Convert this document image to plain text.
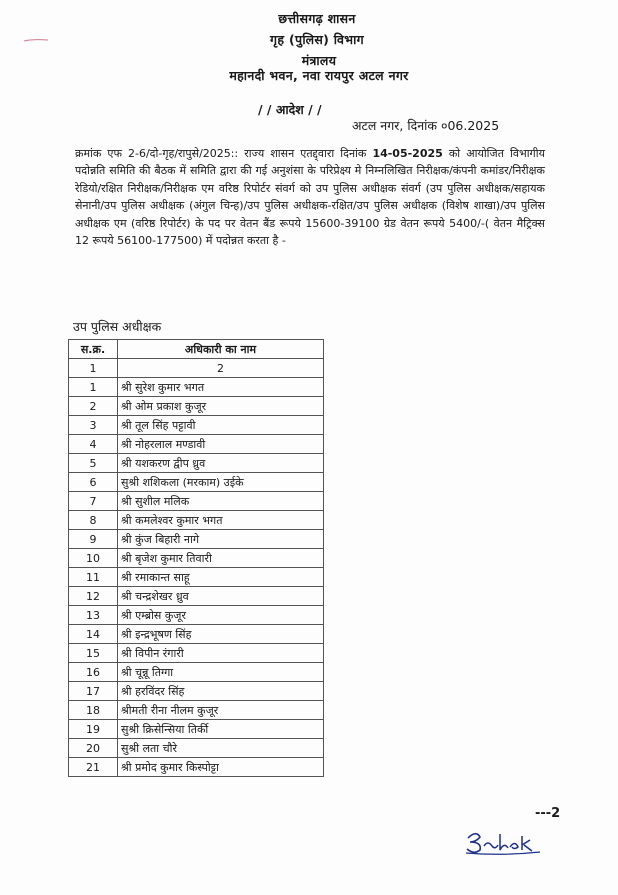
छत्तीसगढ़ शासन
गृह (पुलिस) विभाग
मंत्रालय
महानदी भवन, नवा रायपुर अटल नगर
/ / आदेश / /
अटल नगर, दिनांक ०06.2025
क्रमांक एफ 2-6/दो-गृह/रापुसे/2025:: राज्य शासन एतद्द्वारा दिनांक 14-05-2025 को आयोजित विभागीय पदोन्नति समिति की बैठक में समिति द्वारा की गई अनुशंसा के परिप्रेक्ष्य मे निम्नलिखित निरीक्षक/कंपनी कमांडर/निरीक्षक रेडियो/रक्षित निरीक्षक/निरीक्षक एम वरिष्ठ रिपोर्टर संवर्ग को उप पुलिस अधीक्षक संवर्ग (उप पुलिस अधीक्षक/सहायक सेनानी/उप पुलिस अधीक्षक (अंगुल चिन्ह)/उप पुलिस अधीक्षक-रक्षित/उप पुलिस अधीक्षक (विशेष शाखा)/उप पुलिस अधीक्षक एम (वरिष्ठ रिपोर्टर) के पद पर वेतन बैंड रूपये 15600-39100 ग्रेड वेतन रूपये 5400/-( वेतन मैट्रिक्स 12 रूपये 56100-177500) में पदोन्नत करता है -
उप पुलिस अधीक्षक
स.क्र.	अधिकारी का नाम
1	2
1	श्री सुरेश कुमार भगत
2	श्री ओम प्रकाश कुजूर
3	श्री तूल सिंह पट्टावी
4	श्री नोहरलाल मण्डावी
5	श्री यशकरण द्वीप ध्रुव
6	सुश्री शशिकला (मरकाम) उईके
7	श्री सुशील मलिक
8	श्री कमलेश्वर कुमार भगत
9	श्री कुंज बिहारी नागे
10	श्री बृजेश कुमार तिवारी
11	श्री रमाकान्त साहू
12	श्री चन्द्रशेखर ध्रुव
13	श्री एम्ब्रोस कुजूर
14	श्री इन्द्रभूषण सिंह
15	श्री विपीन रंगारी
16	श्री चून्नू तिग्गा
17	श्री हरविंदर सिंह
18	श्रीमती रीना नीलम कुजूर
19	सुश्री क्रिसेन्सिया तिर्की
20	सुश्री लता चौरे
21	श्री प्रमोद कुमार किस्पोट्टा
---2
